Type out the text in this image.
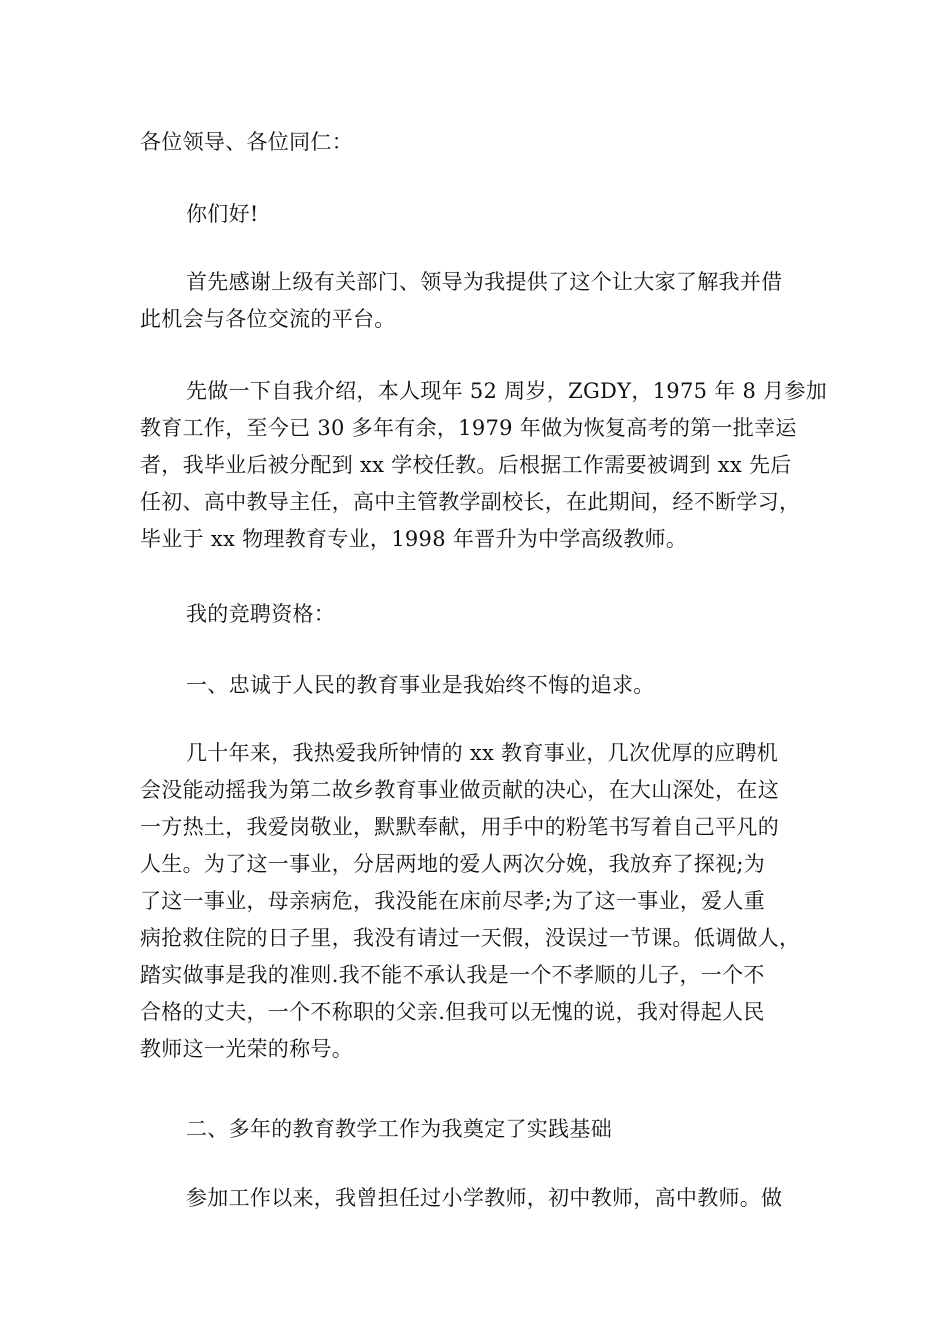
各位领导、各位同仁：
你们好!
首先感谢上级有关部门、领导为我提供了这个让大家了解我并借
此机会与各位交流的平台。
先做一下自我介绍，本人现年 52 周岁，ZGDY，1975 年 8 月参加
教育工作，至今已 30 多年有余，1979 年做为恢复高考的第一批幸运
者，我毕业后被分配到 xx 学校任教。后根据工作需要被调到 xx 先后
任初、高中教导主任，高中主管教学副校长，在此期间，经不断学习，
毕业于 xx 物理教育专业，1998 年晋升为中学高级教师。
我的竞聘资格：
一、忠诚于人民的教育事业是我始终不悔的追求。
几十年来，我热爱我所钟情的 xx 教育事业，几次优厚的应聘机
会没能动摇我为第二故乡教育事业做贡献的决心，在大山深处，在这
一方热土，我爱岗敬业，默默奉献，用手中的粉笔书写着自己平凡的
人生。为了这一事业，分居两地的爱人两次分娩，我放弃了探视;为
了这一事业，母亲病危，我没能在床前尽孝;为了这一事业，爱人重
病抢救住院的日子里，我没有请过一天假，没误过一节课。低调做人，
踏实做事是我的准则.我不能不承认我是一个不孝顺的儿子，一个不
合格的丈夫，一个不称职的父亲.但我可以无愧的说，我对得起人民
教师这一光荣的称号。
二、多年的教育教学工作为我奠定了实践基础
参加工作以来，我曾担任过小学教师，初中教师，高中教师。做
